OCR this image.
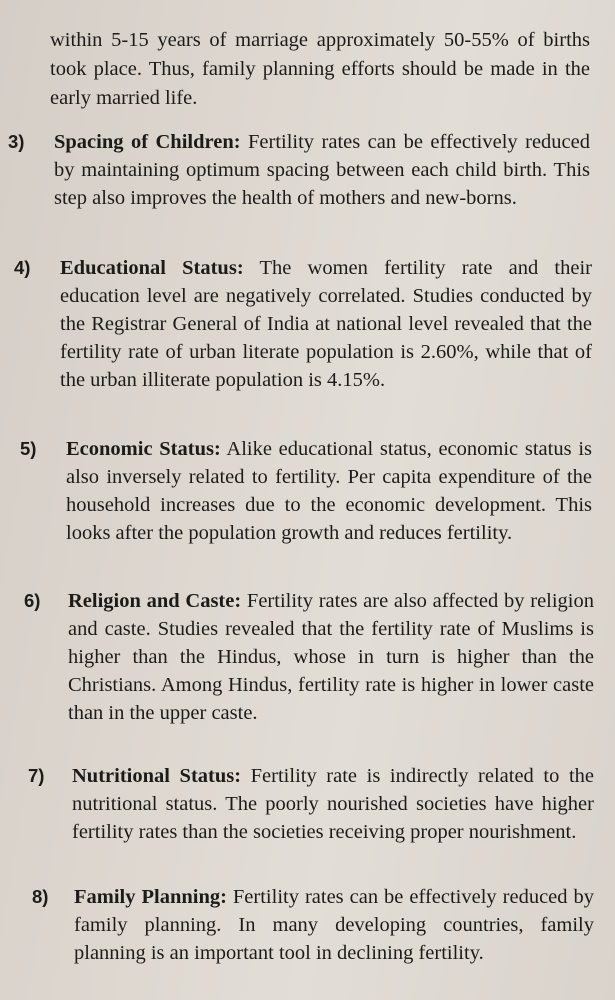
within 5-15 years of marriage approximately 50-55% of births took place. Thus, family planning efforts should be made in the early married life.

3) Spacing of Children: Fertility rates can be effectively reduced by maintaining optimum spacing between each child birth. This step also improves the health of mothers and new-borns.
4) Educational Status: The women fertility rate and their education level are negatively correlated. Studies conducted by the Registrar General of India at national level revealed that the fertility rate of urban literate population is 2.60%, while that of the urban illiterate population is 4.15%.
5) Economic Status: Alike educational status, economic status is also inversely related to fertility. Per capita expenditure of the household increases due to the economic development. This looks after the population growth and reduces fertility.
6) Religion and Caste: Fertility rates are also affected by religion and caste. Studies revealed that the fertility rate of Muslims is higher than the Hindus, whose in turn is higher than the Christians. Among Hindus, fertility rate is higher in lower caste than in the upper caste.
7) Nutritional Status: Fertility rate is indirectly related to the nutritional status. The poorly nourished societies have higher fertility rates than the societies receiving proper nourishment.
8) Family Planning: Fertility rates can be effectively reduced by family planning. In many developing countries, family planning is an important tool in declining fertility.
